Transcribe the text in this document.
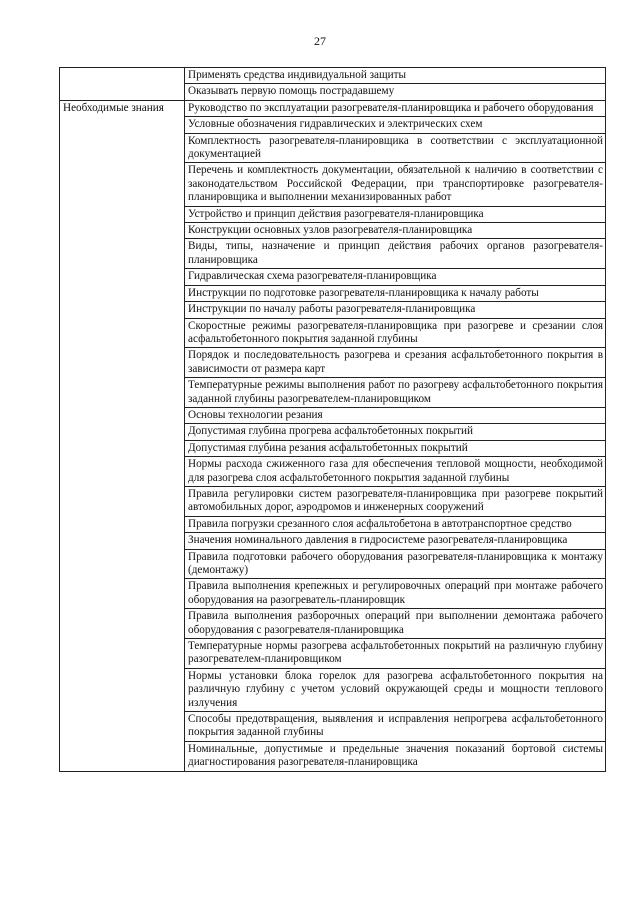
27
	Применять средства индивидуальной защиты
	Оказывать первую помощь пострадавшему
Необходимые знания	Руководство по эксплуатации разогревателя-планировщика и рабочего оборудования
	Условные обозначения гидравлических и электрических схем
	Комплектность разогревателя-планировщика в соответствии с эксплуатационной документацией
	Перечень и комплектность документации, обязательной к наличию в соответствии с законодательством Российской Федерации, при транспортировке разогревателя-планировщика и выполнении механизированных работ
	Устройство и принцип действия разогревателя-планировщика
	Конструкции основных узлов разогревателя-планировщика
	Виды, типы, назначение и принцип действия рабочих органов разогревателя-планировщика
	Гидравлическая схема разогревателя-планировщика
	Инструкции по подготовке разогревателя-планировщика к началу работы
	Инструкции по началу работы разогревателя-планировщика
	Скоростные режимы разогревателя-планировщика при разогреве и срезании слоя асфальтобетонного покрытия заданной глубины
	Порядок и последовательность разогрева и срезания асфальтобетонного покрытия в зависимости от размера карт
	Температурные режимы выполнения работ по разогреву асфальтобетонного покрытия заданной глубины разогревателем-планировщиком
	Основы технологии резания
	Допустимая глубина прогрева асфальтобетонных покрытий
	Допустимая глубина резания асфальтобетонных покрытий
	Нормы расхода сжиженного газа для обеспечения тепловой мощности, необходимой для разогрева слоя асфальтобетонного покрытия заданной глубины
	Правила регулировки систем разогревателя-планировщика при разогреве покрытий автомобильных дорог, аэродромов и инженерных сооружений
	Правила погрузки срезанного слоя асфальтобетона в автотранспортное средство
	Значения номинального давления в гидросистеме разогревателя-планировщика
	Правила подготовки рабочего оборудования разогревателя-планировщика к монтажу (демонтажу)
	Правила выполнения крепежных и регулировочных операций при монтаже рабочего оборудования на разогреватель-планировщик
	Правила выполнения разборочных операций при выполнении демонтажа рабочего оборудования с разогревателя-планировщика
	Температурные нормы разогрева асфальтобетонных покрытий на различную глубину разогревателем-планировщиком
	Нормы установки блока горелок для разогрева асфальтобетонного покрытия на различную глубину с учетом условий окружающей среды и мощности теплового излучения
	Способы предотвращения, выявления и исправления непрогрева асфальтобетонного покрытия заданной глубины
	Номинальные, допустимые и предельные значения показаний бортовой системы диагностирования разогревателя-планировщика
